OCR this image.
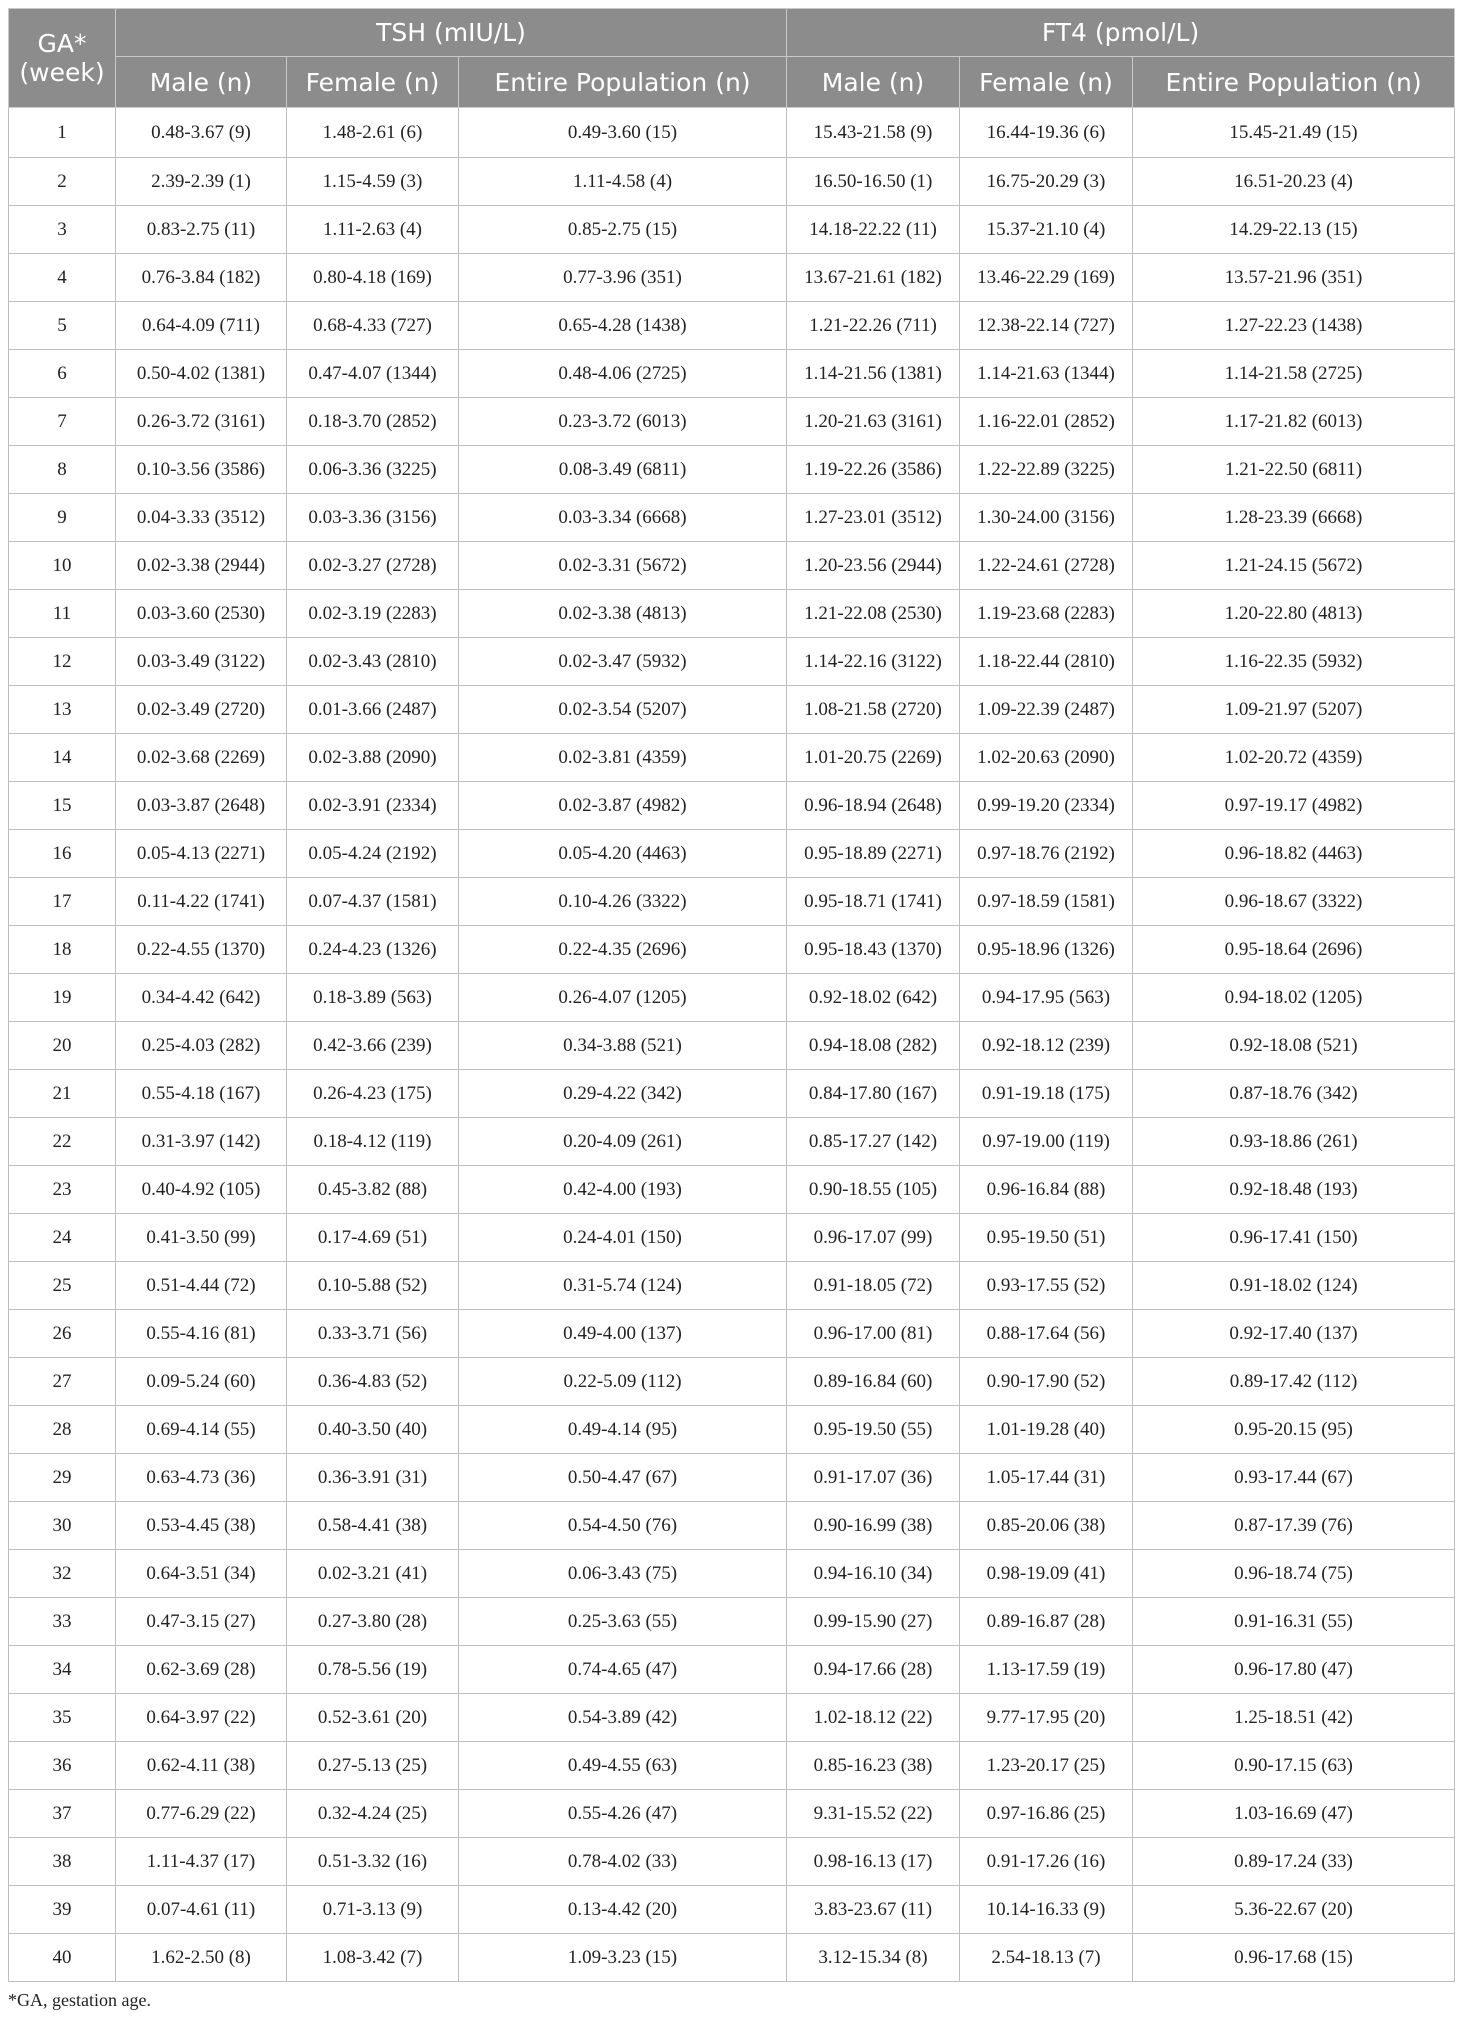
GA* (week)	TSH (mIU/L)			FT4 (pmol/L)		
	Male (n)	Female (n)	Entire Population (n)	Male (n)	Female (n)	Entire Population (n)
1	0.48-3.67 (9)	1.48-2.61 (6)	0.49-3.60 (15)	15.43-21.58 (9)	16.44-19.36 (6)	15.45-21.49 (15)
2	2.39-2.39 (1)	1.15-4.59 (3)	1.11-4.58 (4)	16.50-16.50 (1)	16.75-20.29 (3)	16.51-20.23 (4)
3	0.83-2.75 (11)	1.11-2.63 (4)	0.85-2.75 (15)	14.18-22.22 (11)	15.37-21.10 (4)	14.29-22.13 (15)
4	0.76-3.84 (182)	0.80-4.18 (169)	0.77-3.96 (351)	13.67-21.61 (182)	13.46-22.29 (169)	13.57-21.96 (351)
5	0.64-4.09 (711)	0.68-4.33 (727)	0.65-4.28 (1438)	1.21-22.26 (711)	12.38-22.14 (727)	1.27-22.23 (1438)
6	0.50-4.02 (1381)	0.47-4.07 (1344)	0.48-4.06 (2725)	1.14-21.56 (1381)	1.14-21.63 (1344)	1.14-21.58 (2725)
7	0.26-3.72 (3161)	0.18-3.70 (2852)	0.23-3.72 (6013)	1.20-21.63 (3161)	1.16-22.01 (2852)	1.17-21.82 (6013)
8	0.10-3.56 (3586)	0.06-3.36 (3225)	0.08-3.49 (6811)	1.19-22.26 (3586)	1.22-22.89 (3225)	1.21-22.50 (6811)
9	0.04-3.33 (3512)	0.03-3.36 (3156)	0.03-3.34 (6668)	1.27-23.01 (3512)	1.30-24.00 (3156)	1.28-23.39 (6668)
10	0.02-3.38 (2944)	0.02-3.27 (2728)	0.02-3.31 (5672)	1.20-23.56 (2944)	1.22-24.61 (2728)	1.21-24.15 (5672)
11	0.03-3.60 (2530)	0.02-3.19 (2283)	0.02-3.38 (4813)	1.21-22.08 (2530)	1.19-23.68 (2283)	1.20-22.80 (4813)
12	0.03-3.49 (3122)	0.02-3.43 (2810)	0.02-3.47 (5932)	1.14-22.16 (3122)	1.18-22.44 (2810)	1.16-22.35 (5932)
13	0.02-3.49 (2720)	0.01-3.66 (2487)	0.02-3.54 (5207)	1.08-21.58 (2720)	1.09-22.39 (2487)	1.09-21.97 (5207)
14	0.02-3.68 (2269)	0.02-3.88 (2090)	0.02-3.81 (4359)	1.01-20.75 (2269)	1.02-20.63 (2090)	1.02-20.72 (4359)
15	0.03-3.87 (2648)	0.02-3.91 (2334)	0.02-3.87 (4982)	0.96-18.94 (2648)	0.99-19.20 (2334)	0.97-19.17 (4982)
16	0.05-4.13 (2271)	0.05-4.24 (2192)	0.05-4.20 (4463)	0.95-18.89 (2271)	0.97-18.76 (2192)	0.96-18.82 (4463)
17	0.11-4.22 (1741)	0.07-4.37 (1581)	0.10-4.26 (3322)	0.95-18.71 (1741)	0.97-18.59 (1581)	0.96-18.67 (3322)
18	0.22-4.55 (1370)	0.24-4.23 (1326)	0.22-4.35 (2696)	0.95-18.43 (1370)	0.95-18.96 (1326)	0.95-18.64 (2696)
19	0.34-4.42 (642)	0.18-3.89 (563)	0.26-4.07 (1205)	0.92-18.02 (642)	0.94-17.95 (563)	0.94-18.02 (1205)
20	0.25-4.03 (282)	0.42-3.66 (239)	0.34-3.88 (521)	0.94-18.08 (282)	0.92-18.12 (239)	0.92-18.08 (521)
21	0.55-4.18 (167)	0.26-4.23 (175)	0.29-4.22 (342)	0.84-17.80 (167)	0.91-19.18 (175)	0.87-18.76 (342)
22	0.31-3.97 (142)	0.18-4.12 (119)	0.20-4.09 (261)	0.85-17.27 (142)	0.97-19.00 (119)	0.93-18.86 (261)
23	0.40-4.92 (105)	0.45-3.82 (88)	0.42-4.00 (193)	0.90-18.55 (105)	0.96-16.84 (88)	0.92-18.48 (193)
24	0.41-3.50 (99)	0.17-4.69 (51)	0.24-4.01 (150)	0.96-17.07 (99)	0.95-19.50 (51)	0.96-17.41 (150)
25	0.51-4.44 (72)	0.10-5.88 (52)	0.31-5.74 (124)	0.91-18.05 (72)	0.93-17.55 (52)	0.91-18.02 (124)
26	0.55-4.16 (81)	0.33-3.71 (56)	0.49-4.00 (137)	0.96-17.00 (81)	0.88-17.64 (56)	0.92-17.40 (137)
27	0.09-5.24 (60)	0.36-4.83 (52)	0.22-5.09 (112)	0.89-16.84 (60)	0.90-17.90 (52)	0.89-17.42 (112)
28	0.69-4.14 (55)	0.40-3.50 (40)	0.49-4.14 (95)	0.95-19.50 (55)	1.01-19.28 (40)	0.95-20.15 (95)
29	0.63-4.73 (36)	0.36-3.91 (31)	0.50-4.47 (67)	0.91-17.07 (36)	1.05-17.44 (31)	0.93-17.44 (67)
30	0.53-4.45 (38)	0.58-4.41 (38)	0.54-4.50 (76)	0.90-16.99 (38)	0.85-20.06 (38)	0.87-17.39 (76)
32	0.64-3.51 (34)	0.02-3.21 (41)	0.06-3.43 (75)	0.94-16.10 (34)	0.98-19.09 (41)	0.96-18.74 (75)
33	0.47-3.15 (27)	0.27-3.80 (28)	0.25-3.63 (55)	0.99-15.90 (27)	0.89-16.87 (28)	0.91-16.31 (55)
34	0.62-3.69 (28)	0.78-5.56 (19)	0.74-4.65 (47)	0.94-17.66 (28)	1.13-17.59 (19)	0.96-17.80 (47)
35	0.64-3.97 (22)	0.52-3.61 (20)	0.54-3.89 (42)	1.02-18.12 (22)	9.77-17.95 (20)	1.25-18.51 (42)
36	0.62-4.11 (38)	0.27-5.13 (25)	0.49-4.55 (63)	0.85-16.23 (38)	1.23-20.17 (25)	0.90-17.15 (63)
37	0.77-6.29 (22)	0.32-4.24 (25)	0.55-4.26 (47)	9.31-15.52 (22)	0.97-16.86 (25)	1.03-16.69 (47)
38	1.11-4.37 (17)	0.51-3.32 (16)	0.78-4.02 (33)	0.98-16.13 (17)	0.91-17.26 (16)	0.89-17.24 (33)
39	0.07-4.61 (11)	0.71-3.13 (9)	0.13-4.42 (20)	3.83-23.67 (11)	10.14-16.33 (9)	5.36-22.67 (20)
40	1.62-2.50 (8)	1.08-3.42 (7)	1.09-3.23 (15)	3.12-15.34 (8)	2.54-18.13 (7)	0.96-17.68 (15)
*GA, gestation age.
